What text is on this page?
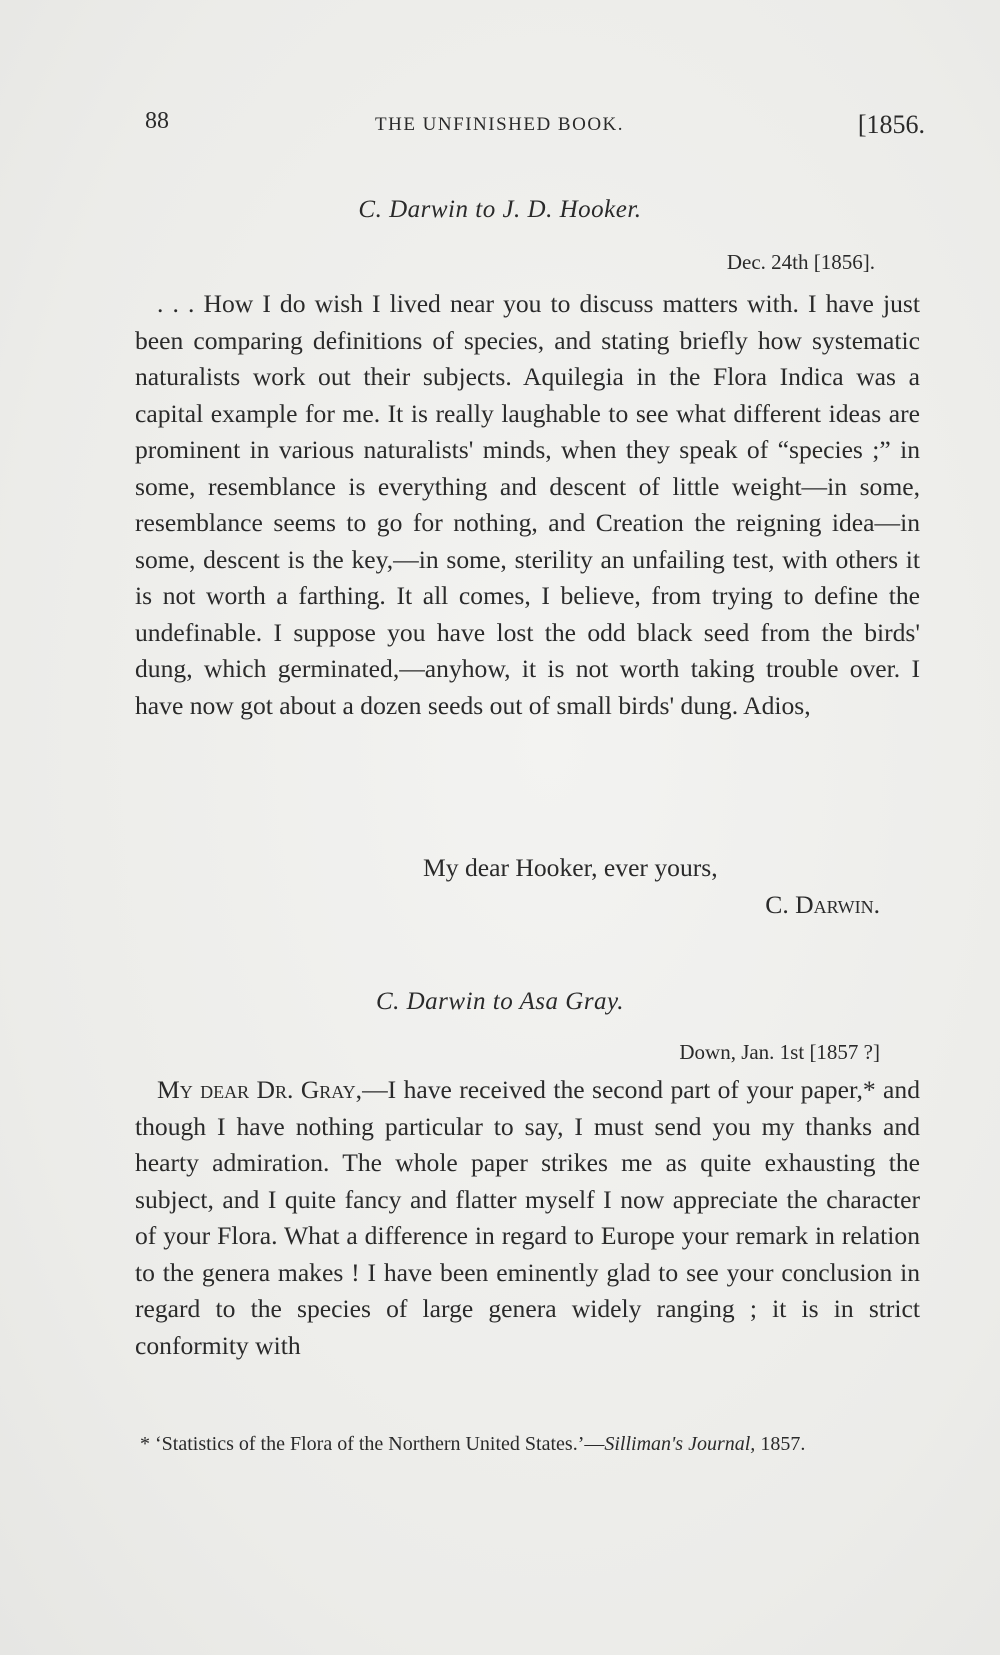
88	THE UNFINISHED BOOK.	[1856.
C. Darwin to J. D. Hooker.
Dec. 24th [1856].

. . . How I do wish I lived near you to discuss matters with. I have just been comparing definitions of species, and stating briefly how systematic naturalists work out their subjects. Aquilegia in the Flora Indica was a capital example for me. It is really laughable to see what different ideas are prominent in various naturalists' minds, when they speak of “species ;” in some, resemblance is everything and descent of little weight—in some, resemblance seems to go for nothing, and Creation the reigning idea—in some, descent is the key,—in some, sterility an unfailing test, with others it is not worth a farthing. It all comes, I believe, from trying to define the undefinable. I suppose you have lost the odd black seed from the birds' dung, which germinated,—anyhow, it is not worth taking trouble over. I have now got about a dozen seeds out of small birds' dung. Adios,

My dear Hooker, ever yours,
C. Darwin.
C. Darwin to Asa Gray.
Down, Jan. 1st [1857 ?]

My dear Dr. Gray,—I have received the second part of your paper,* and though I have nothing particular to say, I must send you my thanks and hearty admiration. The whole paper strikes me as quite exhausting the subject, and I quite fancy and flatter myself I now appreciate the character of your Flora. What a difference in regard to Europe your remark in relation to the genera makes ! I have been eminently glad to see your conclusion in regard to the species of large genera widely ranging ; it is in strict conformity with

* ‘Statistics of the Flora of the Northern United States.’—Silliman's Journal, 1857.
